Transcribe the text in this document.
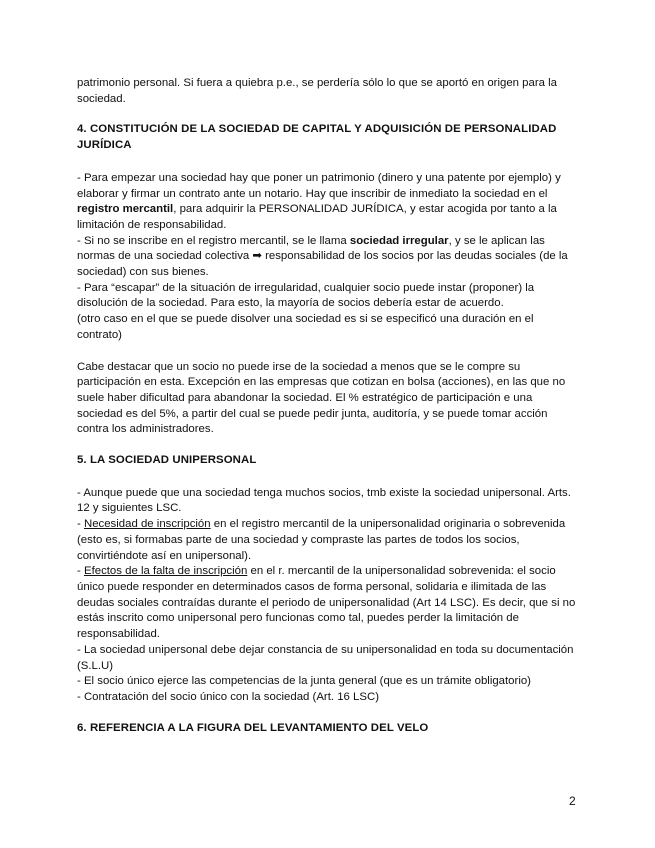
patrimonio personal. Si fuera a quiebra p.e., se perdería sólo lo que se aportó en origen para la sociedad.

4. CONSTITUCIÓN DE LA SOCIEDAD DE CAPITAL Y ADQUISICIÓN DE PERSONALIDAD JURÍDICA

- Para empezar una sociedad hay que poner un patrimonio (dinero y una patente por ejemplo) y elaborar y firmar un contrato ante un notario. Hay que inscribir de inmediato la sociedad en el registro mercantil, para adquirir la PERSONALIDAD JURÍDICA, y estar acogida por tanto a la limitación de responsabilidad.

- Si no se inscribe en el registro mercantil, se le llama sociedad irregular, y se le aplican las normas de una sociedad colectiva ➡ responsabilidad de los socios por las deudas sociales (de la sociedad) con sus bienes.

- Para “escapar” de la situación de irregularidad, cualquier socio puede instar (proponer) la disolución de la sociedad. Para esto, la mayoría de socios debería estar de acuerdo.

(otro caso en el que se puede disolver una sociedad es si se especificó una duración en el contrato)

Cabe destacar que un socio no puede irse de la sociedad a menos que se le compre su participación en esta. Excepción en las empresas que cotizan en bolsa (acciones), en las que no suele haber dificultad para abandonar la sociedad. El % estratégico de participación e una sociedad es del 5%, a partir del cual se puede pedir junta, auditoría, y se puede tomar acción contra los administradores.

5. LA SOCIEDAD UNIPERSONAL

- Aunque puede que una sociedad tenga muchos socios, tmb existe la sociedad unipersonal. Arts. 12 y siguientes LSC.

- Necesidad de inscripción en el registro mercantil de la unipersonalidad originaria o sobrevenida (esto es, si formabas parte de una sociedad y compraste las partes de todos los socios, convirtiéndote así en unipersonal).

- Efectos de la falta de inscripción en el r. mercantil de la unipersonalidad sobrevenida: el socio único puede responder en determinados casos de forma personal, solidaria e ilimitada de las deudas sociales contraídas durante el periodo de unipersonalidad (Art 14 LSC). Es decir, que si no estás inscrito como unipersonal pero funcionas como tal, puedes perder la limitación de responsabilidad.

- La sociedad unipersonal debe dejar constancia de su unipersonalidad en toda su documentación (S.L.U)

- El socio único ejerce las competencias de la junta general (que es un trámite obligatorio)

- Contratación del socio único con la sociedad (Art. 16 LSC)

6. REFERENCIA A LA FIGURA DEL LEVANTAMIENTO DEL VELO
2
